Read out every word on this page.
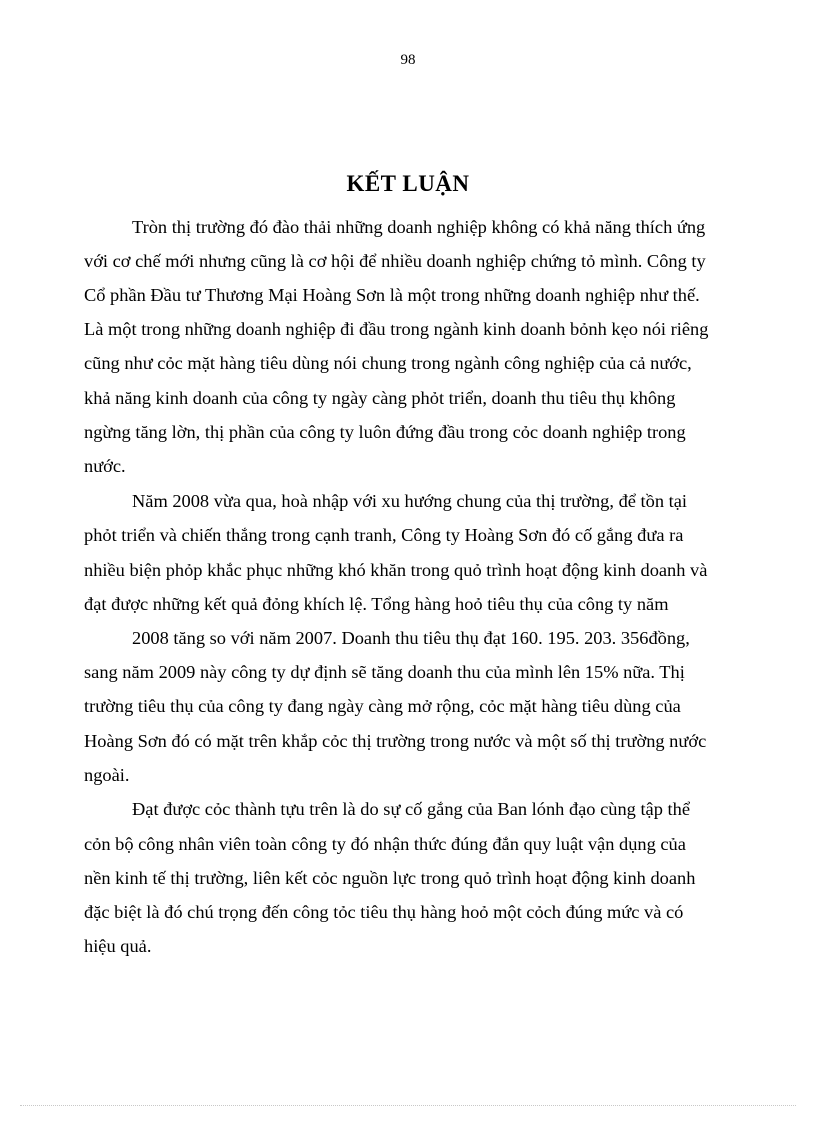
98
KẾT LUẬN
Tròn thị trường đó đào thải những doanh nghiệp không có khả năng thích ứng
với cơ chế mới nhưng cũng là cơ hội để nhiều doanh nghiệp chứng tỏ mình. Công ty
Cổ phần Đầu tư Thương Mại Hoàng Sơn là một trong những doanh nghiệp như thế.
Là một trong những doanh nghiệp đi đầu trong ngành kinh doanh bỏnh kẹo nói riêng
cũng như cỏc mặt hàng tiêu dùng nói chung trong ngành công nghiệp của cả nước,
khả năng kinh doanh của công ty ngày càng phỏt triển, doanh thu tiêu thụ không
ngừng tăng lờn, thị phần của công ty luôn đứng đầu trong cỏc doanh nghiệp trong
nước.
Năm 2008 vừa qua, hoà nhập với xu hướng chung của thị trường, để tồn tại
phỏt triển và chiến thắng trong cạnh tranh, Công ty Hoàng Sơn đó cố gắng đưa ra
nhiều biện phỏp khắc phục những khó khăn trong quỏ trình hoạt động kinh doanh và
đạt được những kết quả đỏng khích lệ. Tổng hàng hoỏ tiêu thụ của công ty năm
2008 tăng so với năm 2007. Doanh thu tiêu thụ đạt 160. 195. 203. 356đồng,
sang năm 2009 này công ty dự định sẽ tăng doanh thu của mình lên 15% nữa. Thị
trường tiêu thụ của công ty đang ngày càng mở rộng, cỏc mặt hàng tiêu dùng của
Hoàng Sơn đó có mặt trên khắp cỏc thị trường trong nước và một số thị trường nước
ngoài.
Đạt được cỏc thành tựu trên là do sự cố gắng của Ban lónh đạo cùng tập thể
cỏn bộ công nhân viên toàn công ty đó nhận thức đúng đắn quy luật vận dụng của
nền kinh tế thị trường, liên kết cỏc nguồn lực trong quỏ trình hoạt động kinh doanh
đặc biệt là đó chú trọng đến công tỏc tiêu thụ hàng hoỏ một cỏch đúng mức và có
hiệu quả.
